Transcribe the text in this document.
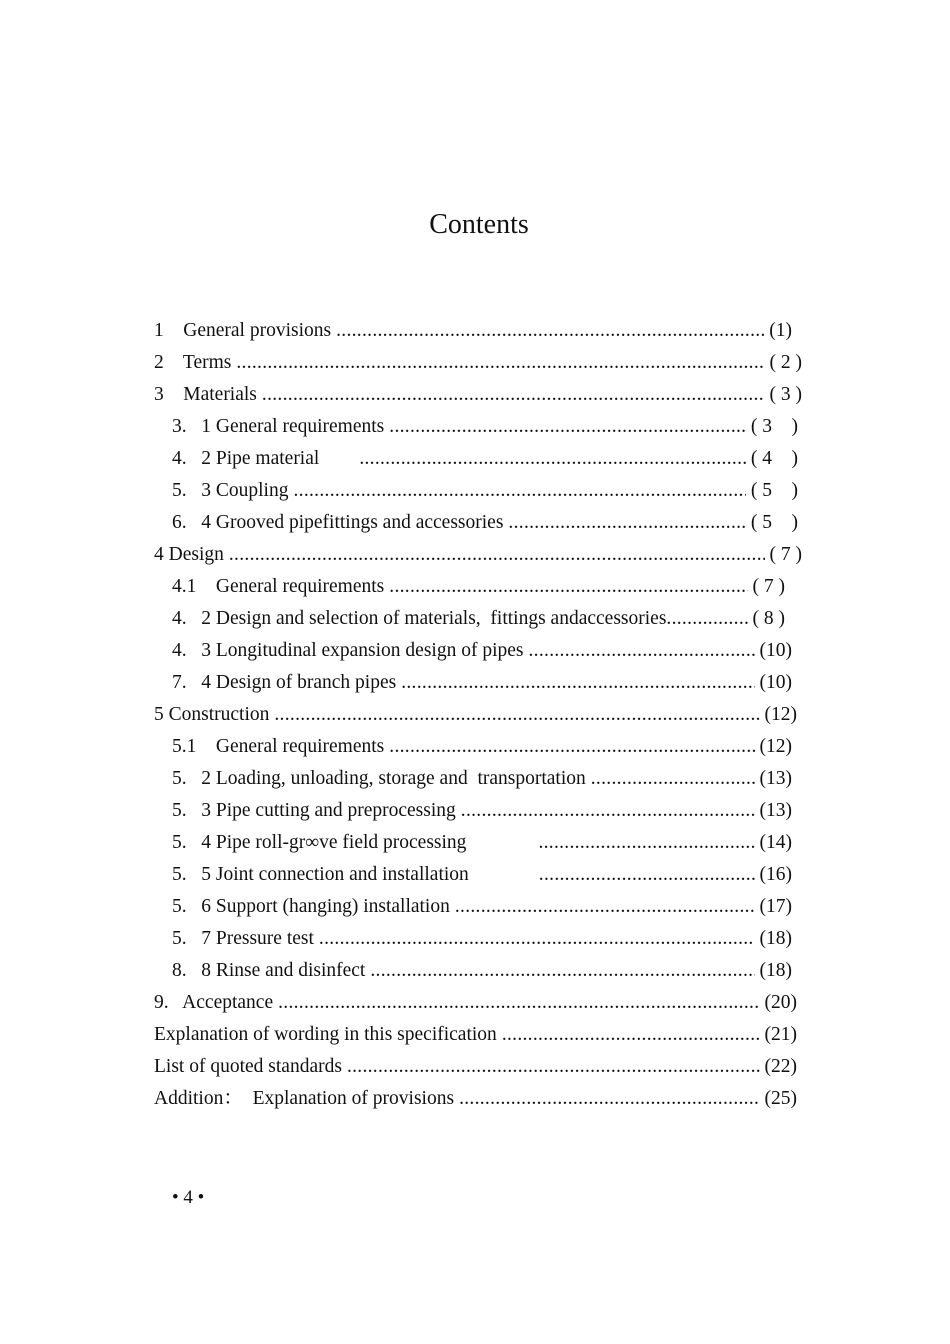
Contents
1    General provisions .....	(1)
2    Terms .....	( 2 )
3    Materials .....	( 3 )
3.   1 General requirements .....	( 3    )
4.   2 Pipe material .....	( 4    )
5.   3 Coupling .....	( 5    )
6.   4 Grooved pipefittings and accessories .....	( 5    )
4 Design .....	( 7 )
4.1    General requirements .....	( 7 )
4.   2 Design and selection of materials,  fittings andaccessories .....	( 8 )
4.   3 Longitudinal expansion design of pipes .....	(10)
7.   4 Design of branch pipes .....	(10)
5 Construction .....	(12)
5.1    General requirements .....	(12)
5.   2 Loading, unloading, storage and  transportation .....	(13)
5.   3 Pipe cutting and preprocessing .....	(13)
5.   4 Pipe roll-gr∞ve field processing .....	(14)
5.   5 Joint connection and installation .....	(16)
5.   6 Support (hanging) installation .....	(17)
5.   7 Pressure test .....	(18)
8.   8 Rinse and disinfect .....	(18)
9.   Acceptance .....	(20)
Explanation of wording in this specification .....	(21)
List of quoted standards .....	(22)
Addition：  Explanation of provisions .....	(25)
• 4 •
